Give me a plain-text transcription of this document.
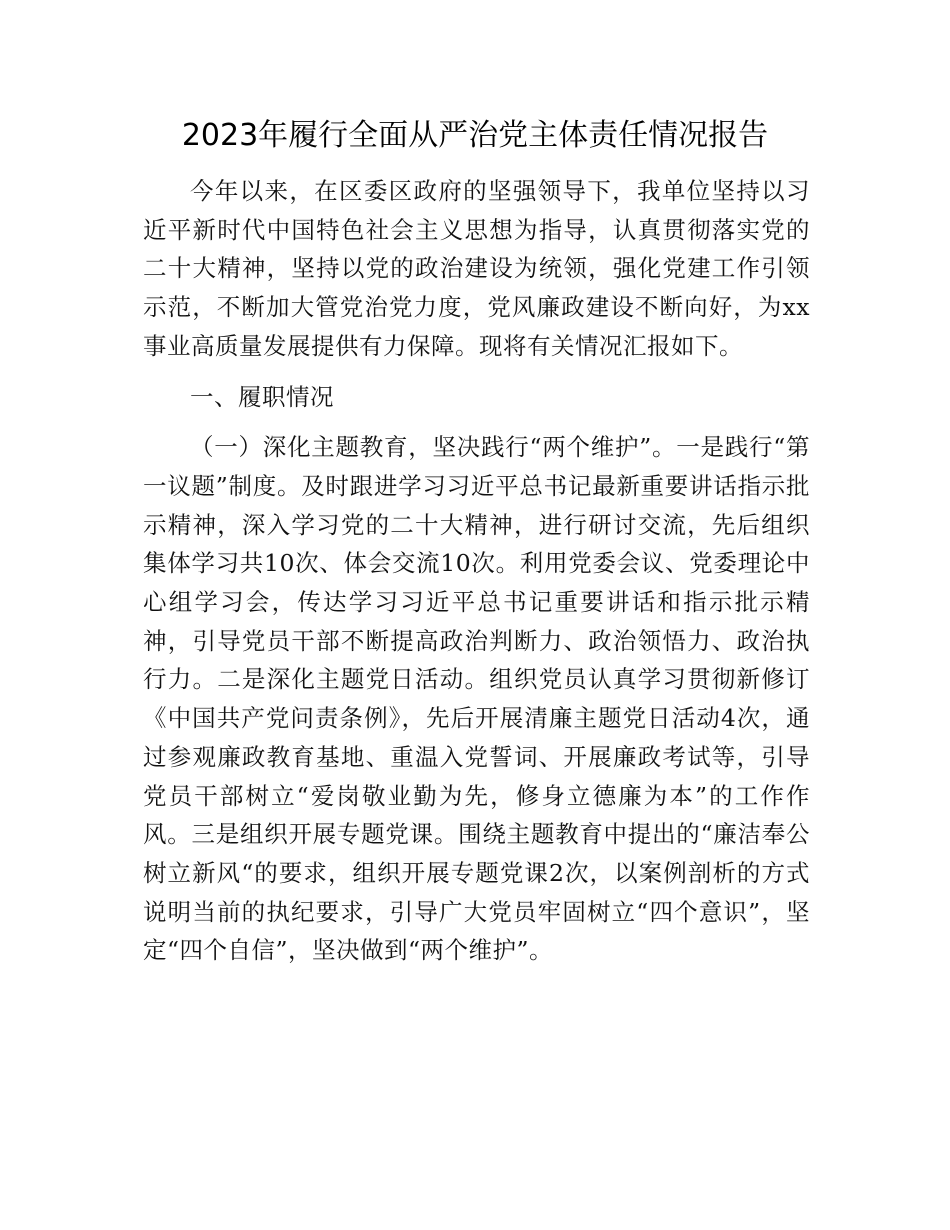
2023年履行全面从严治党主体责任情况报告

今年以来，在区委区政府的坚强领导下，我单位坚持以习近平新时代中国特色社会主义思想为指导，认真贯彻落实党的二十大精神，坚持以党的政治建设为统领，强化党建工作引领示范，不断加大管党治党力度，党风廉政建设不断向好，为xx事业高质量发展提供有力保障。现将有关情况汇报如下。

一、履职情况

（一）深化主题教育，坚决践行“两个维护”。一是践行“第一议题”制度。及时跟进学习习近平总书记最新重要讲话指示批示精神，深入学习党的二十大精神，进行研讨交流，先后组织集体学习共10次、体会交流10次。利用党委会议、党委理论中心组学习会，传达学习习近平总书记重要讲话和指示批示精神，引导党员干部不断提高政治判断力、政治领悟力、政治执行力。二是深化主题党日活动。组织党员认真学习贯彻新修订《中国共产党问责条例》，先后开展清廉主题党日活动4次，通过参观廉政教育基地、重温入党誓词、开展廉政考试等，引导党员干部树立“爱岗敬业勤为先，修身立德廉为本”的工作作风。三是组织开展专题党课。围绕主题教育中提出的“廉洁奉公树立新风“的要求，组织开展专题党课2次，以案例剖析的方式说明当前的执纪要求，引导广大党员牢固树立“四个意识”，坚定“四个自信”，坚决做到“两个维护”。
